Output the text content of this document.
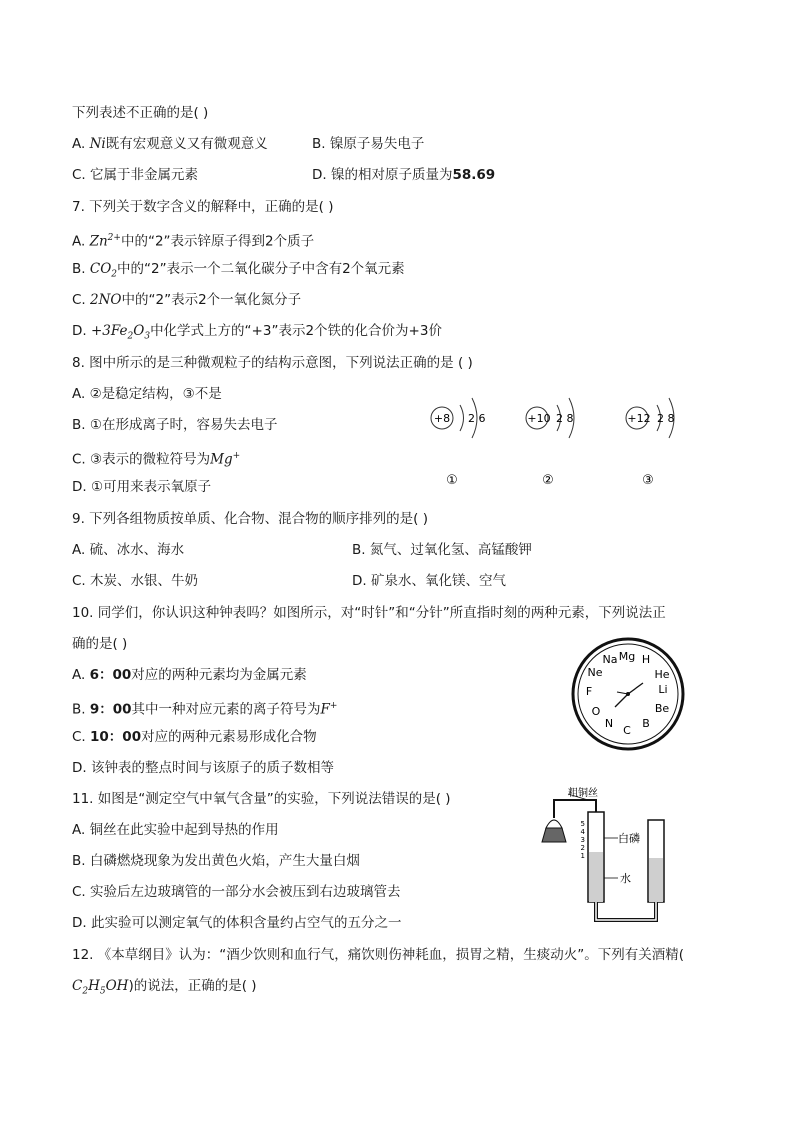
下列表述不正确的是( )
A. Ni既有宏观意义又有微观意义	B. 镍原子易失电子
C. 它属于非金属元素	D. 镍的相对原子质量为58.69
7. 下列关于数字含义的解释中，正确的是( )
A. $Zn^{2+}$中的“2”表示锌原子得到2个质子
B. $CO_2$中的“2”表示一个二氧化碳分子中含有2个氧元素
C. 2NO中的“2”表示2个一氧化氮分子
D. $+3Fe_2O_3$中化学式上方的“+3”表示2个铁的化合价为+3价
8. 图中所示的是三种微观粒子的结构示意图，下列说法正确的是 ( )
A. ②是稳定结构，③不是
B. ①在形成离子时，容易失去电子
C. ③表示的微粒符号为Mg+
D. ①可用来表示氧原子
+8 2 6
①
+10 2 8
②
+12 2 8
③
9. 下列各组物质按单质、化合物、混合物的顺序排列的是( )
A. 硫、冰水、海水	B. 氮气、过氧化氢、高锰酸钾
C. 木炭、水银、牛奶	D. 矿泉水、氧化镁、空气
10. 同学们，你认识这种钟表吗？如图所示，对“时针”和“分针”所直指时刻的两种元素，下列说法正
确的是( )
A. 6：00对应的两种元素均为金属元素
B. 9：00其中一种对应元素的离子符号为F+
C. 10：00对应的两种元素易形成化合物
D. 该钟表的整点时间与该原子的质子数相等
Mg
Na H
Ne	He
F	Li
Be
O
B
N
C
11. 如图是“测定空气中氧气含量”的实验，下列说法错误的是( )
A. 铜丝在此实验中起到导热的作用
B. 白磷燃烧现象为发出黄色火焰，产生大量白烟
C. 实验后左边玻璃管的一部分水会被压到右边玻璃管去
D. 此实验可以测定氧气的体积含量约占空气的五分之一
粗铜丝
5
4
3
2
1
白磷
水
12. 《本草纲目》认为：“酒少饮则和血行气，痛饮则伤神耗血，损胃之精，生痰动火”。下列有关酒精(
$C_2H_5OH$)的说法，正确的是( )
